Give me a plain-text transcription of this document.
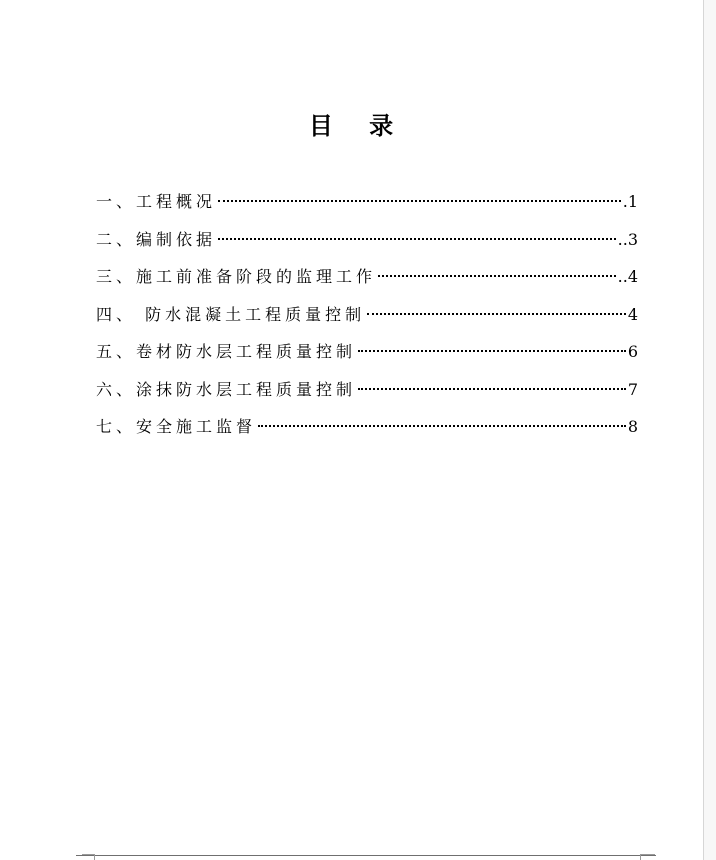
目 录
一、工程概况	.1
二、编制依据	..3
三、施工前准备阶段的监理工作	..4
四、 防水混凝土工程质量控制	4
五、卷材防水层工程质量控制	6
六、涂抹防水层工程质量控制	7
七、安全施工监督	8
